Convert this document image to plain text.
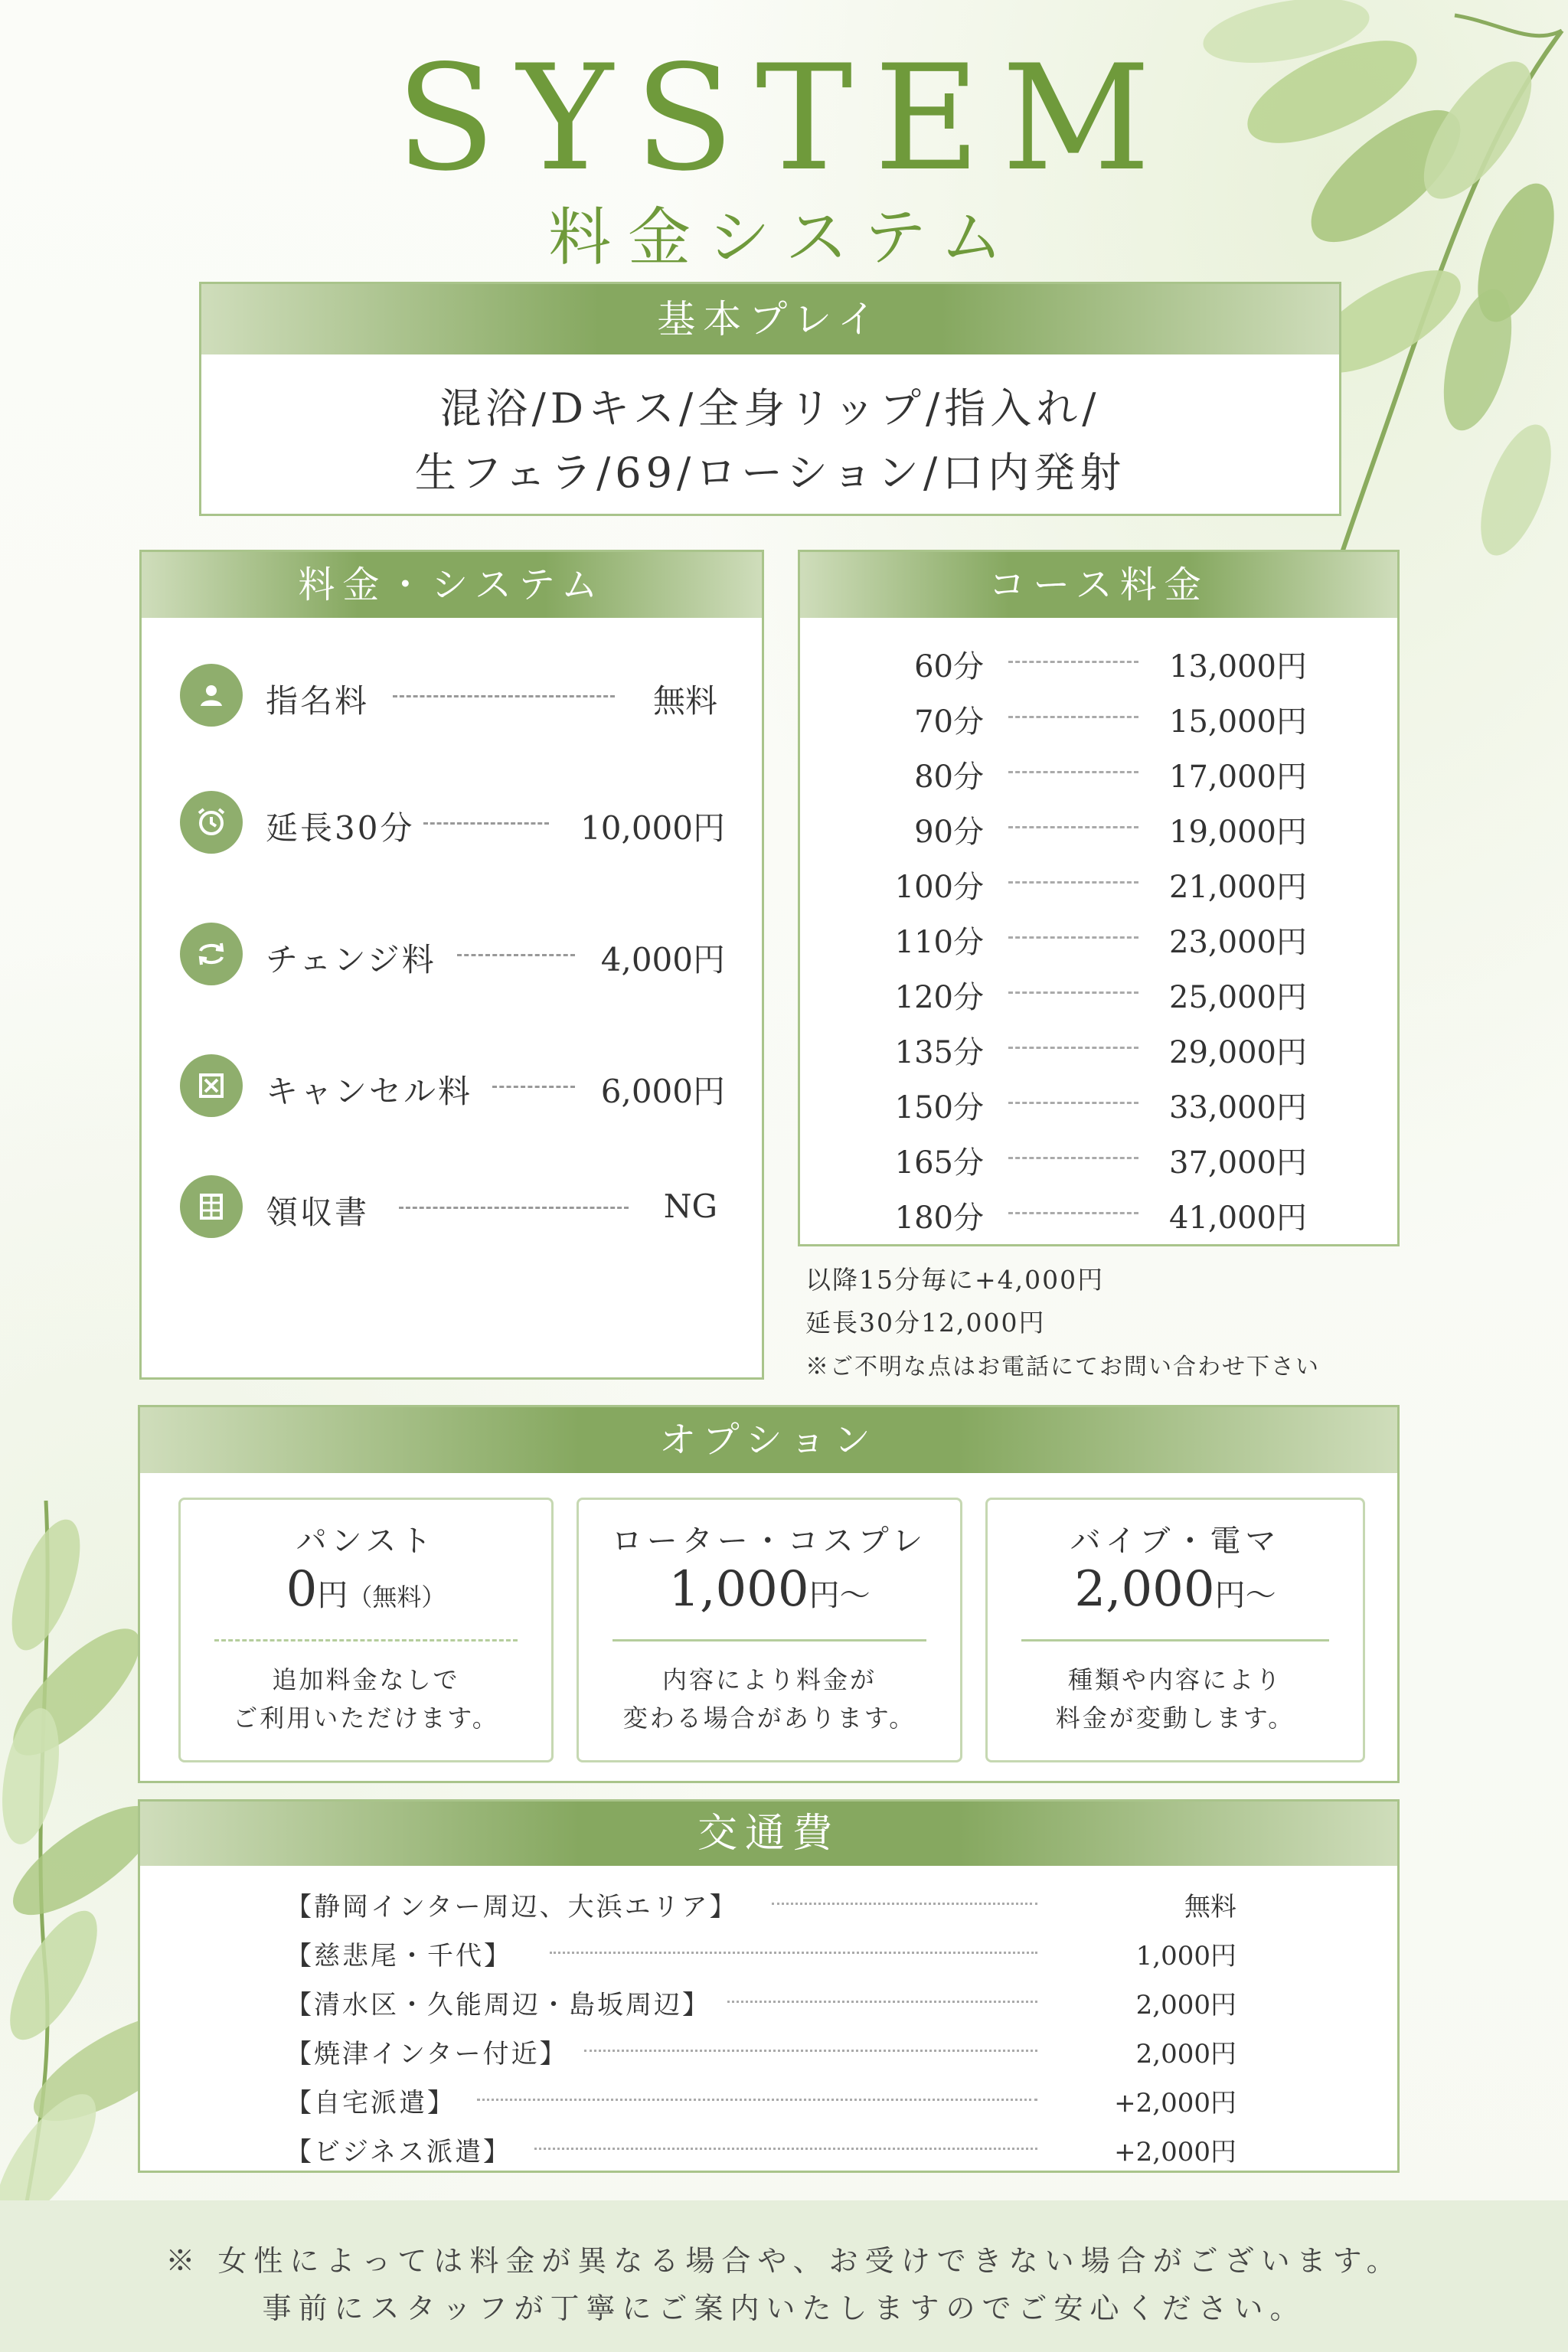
SYSTEM
料金システム
基本プレイ
混浴/Dキス/全身リップ/指入れ/
生フェラ/69/ローション/口内発射
料金・システム
指名料	無料
延長30分	10,000円
チェンジ料	4,000円
キャンセル料	6,000円
領収書	NG
コース料金
60分	13,000円
70分	15,000円
80分	17,000円
90分	19,000円
100分	21,000円
110分	23,000円
120分	25,000円
135分	29,000円
150分	33,000円
165分	37,000円
180分	41,000円
以降15分毎に+4,000円
延長30分12,000円
※ご不明な点はお電話にてお問い合わせ下さい
オプション
パンスト
0円（無料）
追加料金なしで
ご利用いただけます。
ローター・コスプレ
1,000円〜
内容により料金が
変わる場合があります。
バイブ・電マ
2,000円〜
種類や内容により
料金が変動します。
交通費
【静岡インター周辺、大浜エリア】	無料
【慈悲尾・千代】	1,000円
【清水区・久能周辺・島坂周辺】	2,000円
【焼津インター付近】	2,000円
【自宅派遣】	+2,000円
【ビジネス派遣】	+2,000円
※ 女性によっては料金が異なる場合や、お受けできない場合がございます。
事前にスタッフが丁寧にご案内いたしますのでご安心ください。
